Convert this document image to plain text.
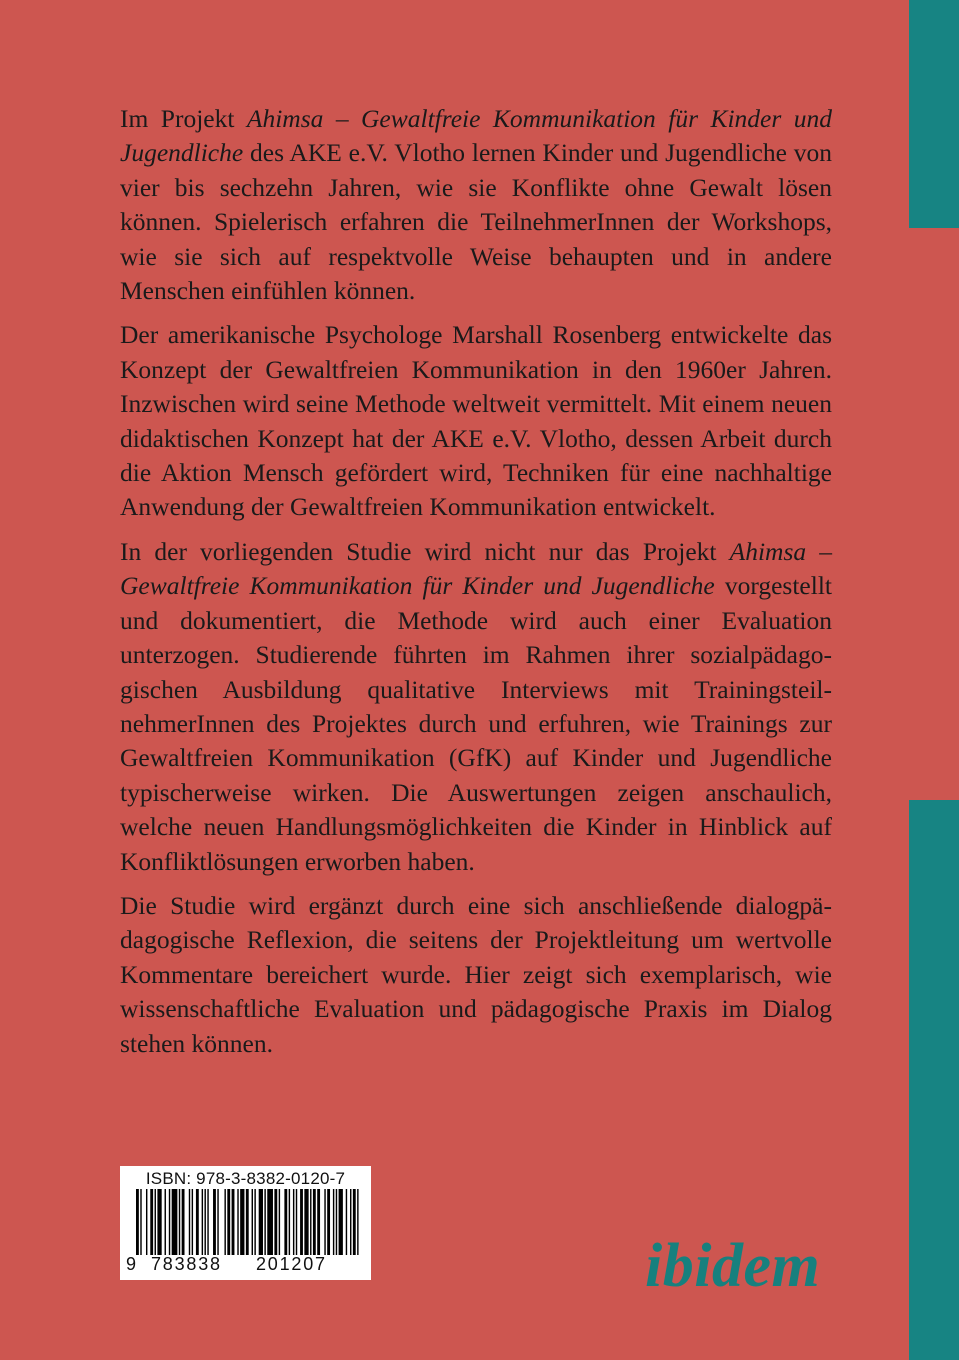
Im Projekt Ahimsa – Gewaltfreie Kommunikation für Kinder und Jugendliche des AKE e.V. Vlotho lernen Kinder und Jugendliche von vier bis sechzehn Jahren, wie sie Konflikte ohne Gewalt lösen können. Spielerisch erfahren die TeilnehmerInnen der Workshops, wie sie sich auf respektvolle Weise behaupten und in andere Menschen einfühlen können.

Der amerikanische Psychologe Marshall Rosenberg entwickelte das Konzept der Gewaltfreien Kommunikation in den 1960er Jahren. Inzwischen wird seine Methode weltweit vermittelt. Mit einem neuen didaktischen Konzept hat der AKE e.V. Vlotho, dessen Arbeit durch die Aktion Mensch gefördert wird, Techniken für eine nachhaltige Anwendung der Gewaltfreien Kommunikation entwickelt.

In der vorliegenden Studie wird nicht nur das Projekt Ahimsa – Gewaltfreie Kommunikation für Kinder und Jugendliche vorgestellt und dokumentiert, die Methode wird auch einer Evaluation unterzogen. Studierende führten im Rahmen ihrer sozialpädagogischen Ausbildung qualitative Interviews mit TrainingsteilnehmerInnen des Projektes durch und erfuhren, wie Trainings zur Gewaltfreien Kommunikation (GfK) auf Kinder und Jugendliche typischerweise wirken. Die Auswertungen zeigen anschaulich, welche neuen Handlungsmöglichkeiten die Kinder in Hinblick auf Konfliktlösungen erworben haben.

Die Studie wird ergänzt durch eine sich anschließende dialogpädagogische Reflexion, die seitens der Projektleitung um wertvolle Kommentare bereichert wurde. Hier zeigt sich exemplarisch, wie wissenschaftliche Evaluation und pädagogische Praxis im Dialog stehen können.

ISBN: 978-3-8382-0120-7
9 783838 201207	ibidem
